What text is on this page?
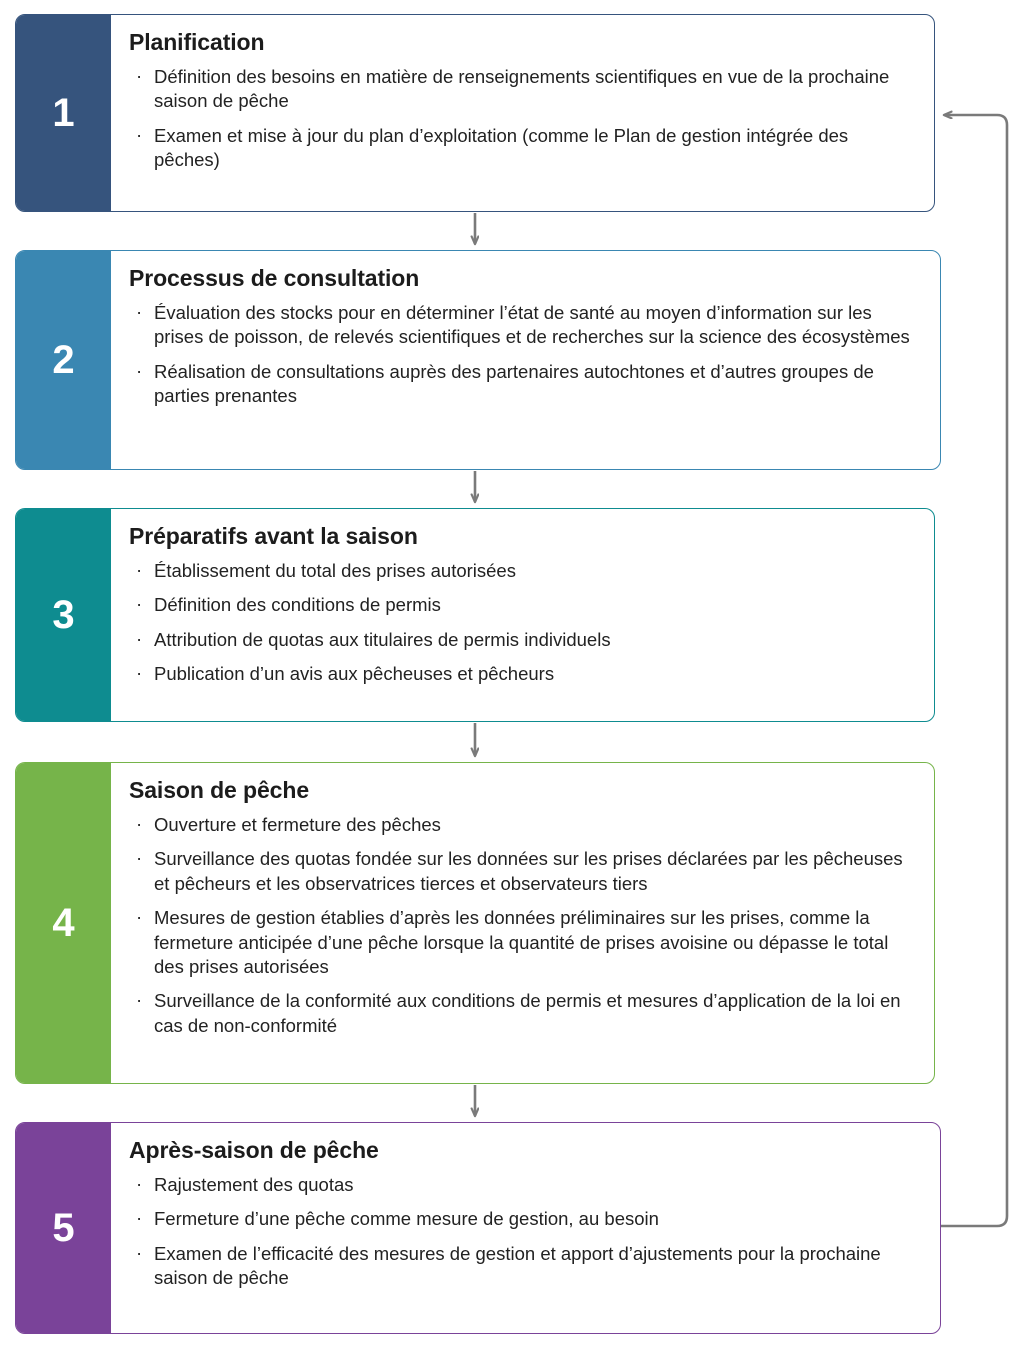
1
Planification
· Définition des besoins en matière de renseignements scientifiques en vue de la prochaine saison de pêche
· Examen et mise à jour du plan d’exploitation (comme le Plan de gestion intégrée des pêches)
2
Processus de consultation
· Évaluation des stocks pour en déterminer l’état de santé au moyen d’information sur les prises de poisson, de relevés scientifiques et de recherches sur la science des écosystèmes
· Réalisation de consultations auprès des partenaires autochtones et d’autres groupes de parties prenantes
3
Préparatifs avant la saison
· Établissement du total des prises autorisées
· Définition des conditions de permis
· Attribution de quotas aux titulaires de permis individuels
· Publication d’un avis aux pêcheuses et pêcheurs
4
Saison de pêche
· Ouverture et fermeture des pêches
· Surveillance des quotas fondée sur les données sur les prises déclarées par les pêcheuses et pêcheurs et les observatrices tierces et observateurs tiers
· Mesures de gestion établies d’après les données préliminaires sur les prises, comme la fermeture anticipée d’une pêche lorsque la quantité de prises avoisine ou dépasse le total des prises autorisées
· Surveillance de la conformité aux conditions de permis et mesures d’application de la loi en cas de non-conformité
5
Après-saison de pêche
· Rajustement des quotas
· Fermeture d’une pêche comme mesure de gestion, au besoin
· Examen de l’efficacité des mesures de gestion et apport d’ajustements pour la prochaine saison de pêche
